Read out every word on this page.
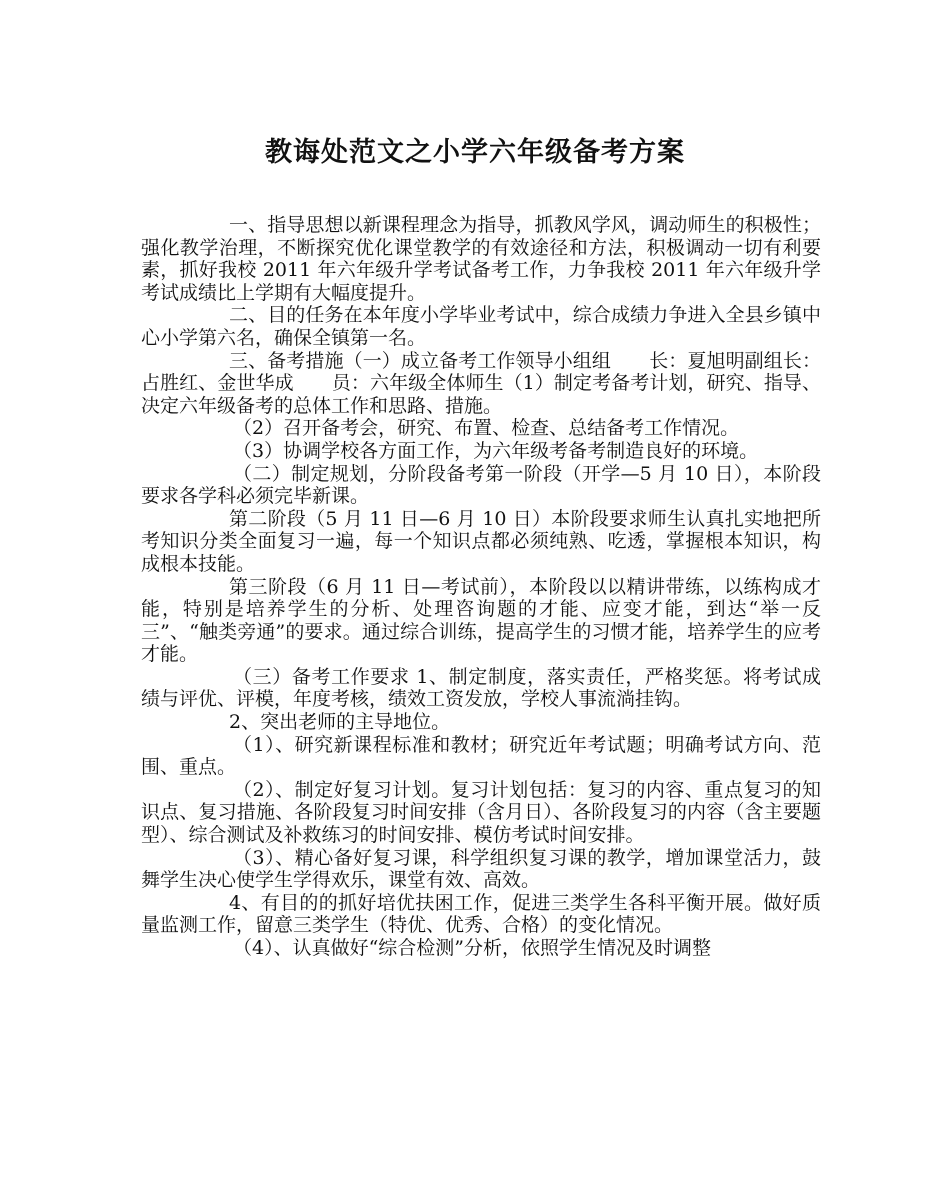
教诲处范文之小学六年级备考方案

一、指导思想以新课程理念为指导，抓教风学风，调动师生的积极性；强化教学治理，不断探究优化课堂教学的有效途径和方法，积极调动一切有利要素，抓好我校 2011 年六年级升学考试备考工作，力争我校 2011 年六年级升学考试成绩比上学期有大幅度提升。

二、目的任务在本年度小学毕业考试中，综合成绩力争进入全县乡镇中心小学第六名，确保全镇第一名。

三、备考措施（一）成立备考工作领导小组组　　长：夏旭明副组长：占胜红、金世华成　　员：六年级全体师生（1）制定考备考计划，研究、指导、决定六年级备考的总体工作和思路、措施。

（2）召开备考会，研究、布置、检查、总结备考工作情况。

（3）协调学校各方面工作，为六年级考备考制造良好的环境。

（二）制定规划，分阶段备考第一阶段（开学—5 月 10 日），本阶段要求各学科必须完毕新课。

第二阶段（5 月 11 日—6 月 10 日）本阶段要求师生认真扎实地把所考知识分类全面复习一遍，每一个知识点都必须纯熟、吃透，掌握根本知识，构成根本技能。

第三阶段（6 月 11 日—考试前），本阶段以以精讲带练，以练构成才能，特别是培养学生的分析、处理咨询题的才能、应变才能，到达“举一反三”、“触类旁通”的要求。通过综合训练，提高学生的习惯才能，培养学生的应考才能。

（三）备考工作要求 1、制定制度，落实责任，严格奖惩。将考试成绩与评优、评模，年度考核，绩效工资发放，学校人事流淌挂钩。

2、突出老师的主导地位。

（1）、研究新课程标准和教材；研究近年考试题；明确考试方向、范围、重点。

（2）、制定好复习计划。复习计划包括：复习的内容、重点复习的知识点、复习措施、各阶段复习时间安排（含月日）、各阶段复习的内容（含主要题型）、综合测试及补救练习的时间安排、模仿考试时间安排。

（3）、精心备好复习课，科学组织复习课的教学，增加课堂活力，鼓舞学生决心使学生学得欢乐，课堂有效、高效。

4、有目的的抓好培优扶困工作，促进三类学生各科平衡开展。做好质量监测工作，留意三类学生（特优、优秀、合格）的变化情况。

（4）、认真做好“综合检测”分析，依照学生情况及时调整
